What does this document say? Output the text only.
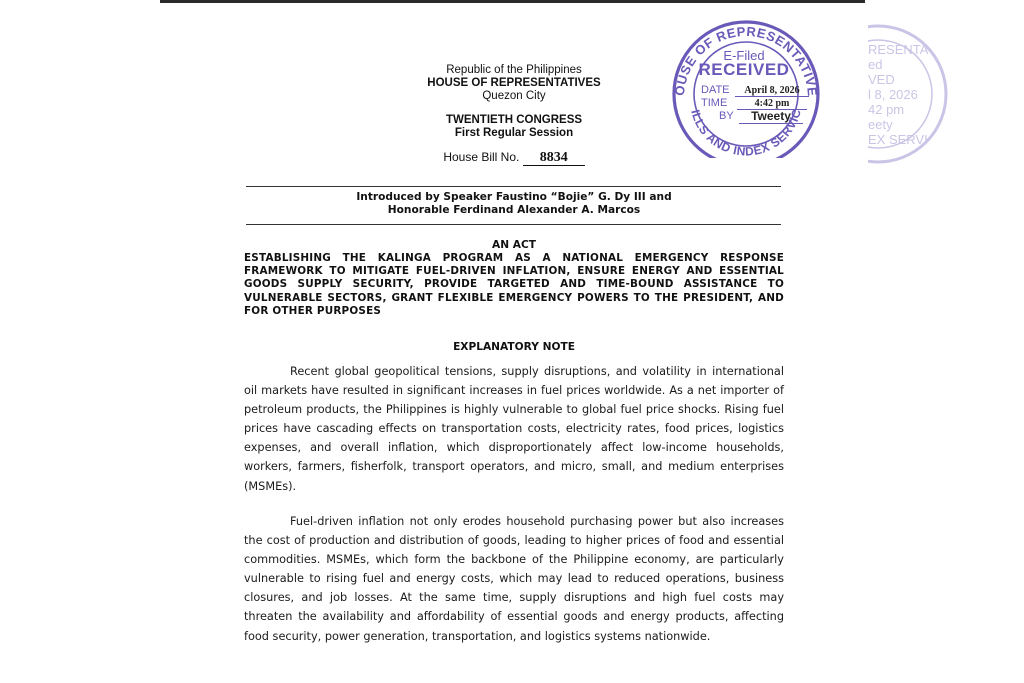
RESENTA
ed
VED
l 8, 2026
42 pm
eety
EX SERVI
Republic of the Philippines
HOUSE OF REPRESENTATIVES
Quezon City
TWENTIETH CONGRESS
First Regular Session
House Bill No. 8834
Introduced by Speaker Faustino “Bojie” G. Dy III and
Honorable Ferdinand Alexander A. Marcos
AN ACT
ESTABLISHING THE KALINGA PROGRAM AS A NATIONAL EMERGENCY RESPONSE FRAMEWORK TO MITIGATE FUEL-DRIVEN INFLATION, ENSURE ENERGY AND ESSENTIAL GOODS SUPPLY SECURITY, PROVIDE TARGETED AND TIME-BOUND ASSISTANCE TO VULNERABLE SECTORS, GRANT FLEXIBLE EMERGENCY POWERS TO THE PRESIDENT, AND FOR OTHER PURPOSES
EXPLANATORY NOTE

Recent global geopolitical tensions, supply disruptions, and volatility in international oil markets have resulted in significant increases in fuel prices worldwide. As a net importer of petroleum products, the Philippines is highly vulnerable to global fuel price shocks. Rising fuel prices have cascading effects on transportation costs, electricity rates, food prices, logistics expenses, and overall inflation, which disproportionately affect low-income households, workers, farmers, fisherfolk, transport operators, and micro, small, and medium enterprises (MSMEs).

Fuel-driven inflation not only erodes household purchasing power but also increases the cost of production and distribution of goods, leading to higher prices of food and essential commodities. MSMEs, which form the backbone of the Philippine economy, are particularly vulnerable to rising fuel and energy costs, which may lead to reduced operations, business closures, and job losses. At the same time, supply disruptions and high fuel costs may threaten the availability and affordability of essential goods and energy products, affecting food security, power generation, transportation, and logistics systems nationwide.

OUSE OF REPRESENTATIVE
ILLS AND INDEX SERVIC
E-Filed
RECEIVED
DATE	April 8, 2026
TIME	4:42 pm
BY	Tweety
